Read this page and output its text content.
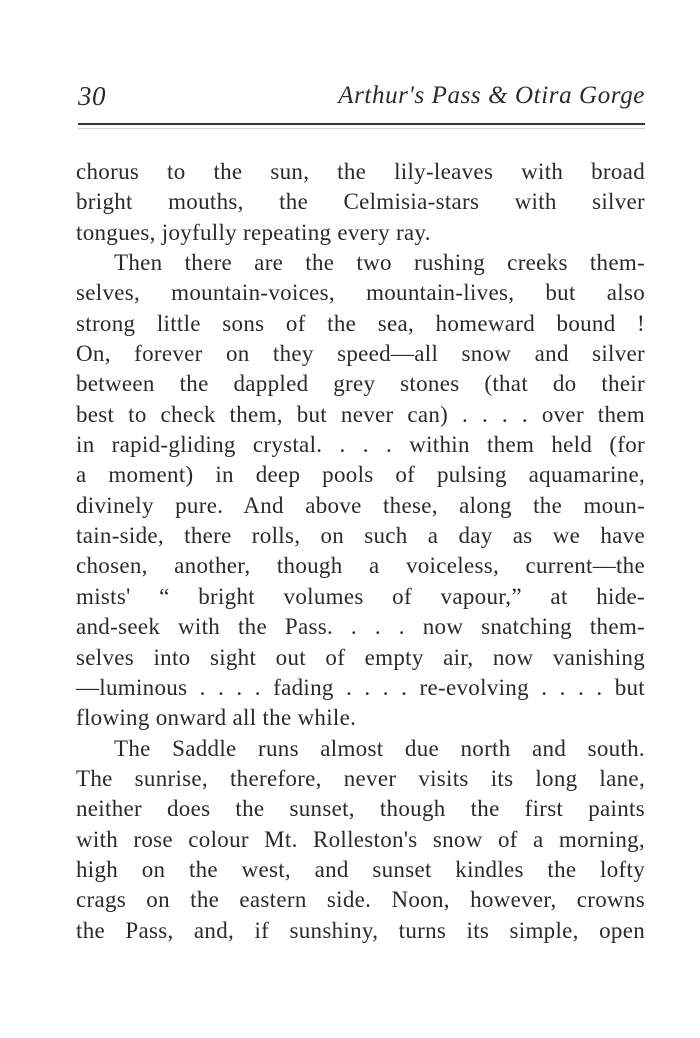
30	Arthur's Pass & Otira Gorge
chorus to the sun, the lily-leaves with broad
bright mouths, the Celmisia-stars with silver
tongues, joyfully repeating every ray.
Then there are the two rushing creeks them-
selves, mountain-voices, mountain-lives, but also
strong little sons of the sea, homeward bound !
On, forever on they speed—all snow and silver
between the dappled grey stones (that do their
best to check them, but never can) . . . . over them
in rapid-gliding crystal. . . . within them held (for
a moment) in deep pools of pulsing aquamarine,
divinely pure. And above these, along the moun-
tain-side, there rolls, on such a day as we have
chosen, another, though a voiceless, current—the
mists' “ bright volumes of vapour,” at hide-
and-seek with the Pass. . . . now snatching them-
selves into sight out of empty air, now vanishing
—luminous . . . . fading . . . . re-evolving . . . . but
flowing onward all the while.
The Saddle runs almost due north and south.
The sunrise, therefore, never visits its long lane,
neither does the sunset, though the first paints
with rose colour Mt. Rolleston's snow of a morning,
high on the west, and sunset kindles the lofty
crags on the eastern side. Noon, however, crowns
the Pass, and, if sunshiny, turns its simple, open
